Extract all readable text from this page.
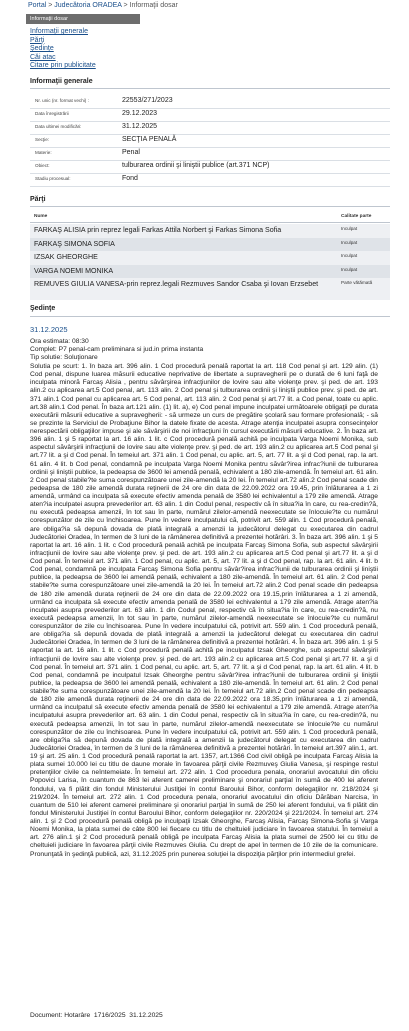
Portal > Judecătoria ORADEA > Informaţii dosar
Informaţii dosar
Informaţii generale
Părţi
Şedinţe
Căi atac
Citare prin publicitate
Informaţii generale
Nr. unic (nr. format vechi) :	22553/271/2023
Data înregistrării	29.12.2023
Data ultimei modificări:	31.12.2025
Secţie:	SECŢIA PENALĂ
Materie:	Penal
Obiect:	tulburarea ordinii şi liniştii publice (art.371 NCP)
Stadiu procesual:	Fond
Părţi
Nume	Calitate parte
FARKAŞ ALISIA prin reprez legali Farkas Attila Norbert şi Farkas Simona Sofia	Inculpat
FARKAŞ SIMONA SOFIA	Inculpat
IZSAK GHEORGHE	Inculpat
VARGA NOEMI MONIKA	Inculpat
REMUVES GIULIA VANESA-prin reprez.legali Rezmuves Sandor Csaba şi Iovan Erzsebet	Parte vătămată
Şedinţe
31.12.2025
Ora estimata: 08:30
Complet: P7 penal-cam preliminara si jud.in prima instanta
Tip solutie: Soluţionare
Solutia pe scurt: 1. În baza art. 396 alin. 1 Cod procedură penală raportat la art. 118 Cod penal şi art. 129 alin. (1) Cod penal, dispune luarea măsurii educative neprivative de libertate a supravegherii pe o durată de 6 luni faţă de inculpata minoră Farcaş Alisia , pentru săvârşirea infracţiunilor de lovire sau alte violenţe prev. şi ped. de art. 193 alin.2 cu aplicarea art.5 Cod penal, art. 113 alin. 2 Cod penal şi tulburarea ordinii şi liniştii publice prev. şi ped. de art. 371 alin.1 Cod penal cu aplicarea art. 5 Cod penal, art. 113 alin. 2 Cod penal şi art.77 lit. a Cod penal, toate cu aplic. art.38 alin.1 Cod penal. În baza art.121 alin. (1) lit. a), e) Cod penal impune inculpatei următoarele obligaţii pe durata executării măsurii educative a supravegherii: - să urmeze un curs de pregătire şcolară sau formare profesională; - să se prezinte la Serviciul de Probaţiune Bihor la datele fixate de acesta. Atrage atenţia inculpatei asupra consecinţelor nerespectării obligaţiilor impuse şi ale săvârşirii de noi infracţiuni în cursul executării măsurii educative. 2. În baza art. 396 alin. 1 şi 5 raportat la art. 16 alin. 1 lit. c Cod procedură penală achită pe inculpata Varga Noemi Monika, sub aspectul săvârşirii infracţiunii de lovire sau alte violenţe prev. şi ped. de art. 193 alin.2 cu aplicarea art.5 Cod penal şi art.77 lit. a şi d Cod penal. În temeiul art. 371 alin. 1 Cod penal, cu aplic. art. 5, art. 77 lit. a şi d Cod penal, rap. la art. 61 alin. 4 lit. b Cod penal, condamnă pe inculpata Varga Noemi Monika pentru săvâr?irea infrac?iunii de tulburarea ordinii şi liniştii publice, la pedeapsa de 3600 lei amendă penală, echivalent a 180 zile-amendă. În temeiul art. 61 alin. 2 Cod penal stabile?te suma corespunzătoare unei zile-amendă la 20 lei. În temeiul art.72 alin.2 Cod penal scade din pedeapsa de 180 zile amendă durata reţinerii de 24 ore din data de 22.09.2022 ora 19.45, prin înlăturarea a 1 zi amendă, urmând ca inculpata să execute efectiv amenda penală de 3580 lei echivalentul a 179 zile amendă. Atrage aten?ia inculpatei asupra prevederilor art. 63 alin. 1 din Codul penal, respectiv că în situa?ia în care, cu rea-credin?ă, nu execută pedeapsa amenzii, în tot sau în parte, numărul zilelor-amendă neexecutate se înlocuie?te cu numărul corespunzător de zile cu închisoarea. Pune în vedere inculpatului că, potrivit art. 559 alin. 1 Cod procedură penală, are obliga?ia să depună dovada de plată integrală a amenzii la judecătorul delegat cu executarea din cadrul Judecătoriei Oradea, în termen de 3 luni de la rămânerea definitivă a prezentei hotărâri. 3. În baza art. 396 alin. 1 şi 5 raportat la art. 16 alin. 1 lit. c Cod procedură penală achită pe inculpata Farcaş Simona Sofia, sub aspectul săvârşirii infracţiunii de lovire sau alte violenţe prev. şi ped. de art. 193 alin.2 cu aplicarea art.5 Cod penal şi art.77 lit. a şi d Cod penal. În temeiul art. 371 alin. 1 Cod penal, cu aplic. art. 5, art. 77 lit. a şi d Cod penal, rap. la art. 61 alin. 4 lit. b Cod penal, condamnă pe inculpata Farcaş Simona Sofia pentru săvâr?irea infrac?iunii de tulburarea ordinii şi liniştii publice, la pedeapsa de 3600 lei amendă penală, echivalent a 180 zile-amendă. În temeiul art. 61 alin. 2 Cod penal stabile?te suma corespunzătoare unei zile-amendă la 20 lei. În temeiul art.72 alin.2 Cod penal scade din pedeapsa de 180 zile amendă durata reţinerii de 24 ore din data de 22.09.2022 ora 19.15,prin înlăturarea a 1 zi amendă, urmând ca inculpata să execute efectiv amenda penală de 3580 lei echivalentul a 179 zile amendă. Atrage aten?ia inculpatei asupra prevederilor art. 63 alin. 1 din Codul penal, respectiv că în situa?ia în care, cu rea-credin?ă, nu execută pedeapsa amenzii, în tot sau în parte, numărul zilelor-amendă neexecutate se înlocuie?te cu numărul corespunzător de zile cu închisoarea. Pune în vedere inculpatului că, potrivit art. 559 alin. 1 Cod procedură penală, are obliga?ia să depună dovada de plată integrală a amenzii la judecătorul delegat cu executarea din cadrul Judecătoriei Oradea, în termen de 3 luni de la rămânerea definitivă a prezentei hotărâri. 4. În baza art. 396 alin. 1 şi 5 raportat la art. 16 alin. 1 lit. c Cod procedură penală achită pe inculpatul Izsak Gheorghe, sub aspectul săvârşirii infracţiunii de lovire sau alte violenţe prev. şi ped. de art. 193 alin.2 cu aplicarea art.5 Cod penal şi art.77 lit. a şi d Cod penal. În temeiul art. 371 alin. 1 Cod penal, cu aplic. art. 5, art. 77 lit. a şi d Cod penal, rap. la art. 61 alin. 4 lit. b Cod penal, condamnă pe inculpatul Izsak Gheorghe pentru săvâr?irea infrac?iunii de tulburarea ordinii şi liniştii publice, la pedeapsa de 3600 lei amendă penală, echivalent a 180 zile-amendă. În temeiul art. 61 alin. 2 Cod penal stabile?te suma corespunzătoare unei zile-amendă la 20 lei. În temeiul art.72 alin.2 Cod penal scade din pedeapsa de 180 zile amendă durata reţinerii de 24 ore din data de 22.09.2022 ora 18.35,prin înlăturarea a 1 zi amendă, urmând ca inculpatul să execute efectiv amenda penală de 3580 lei echivalentul a 179 zile amendă. Atrage aten?ia inculpatului asupra prevederilor art. 63 alin. 1 din Codul penal, respectiv că în situa?ia în care, cu rea-credin?ă, nu execută pedeapsa amenzii, în tot sau în parte, numărul zilelor-amendă neexecutate se înlocuie?te cu numărul corespunzător de zile cu închisoarea. Pune în vedere inculpatului că, potrivit art. 559 alin. 1 Cod procedură penală, are obliga?ia să depună dovada de plată integrală a amenzii la judecătorul delegat cu executarea din cadrul Judecătoriei Oradea, în termen de 3 luni de la rămânerea definitivă a prezentei hotărâri. În temeiul art.397 alin.1, art. 19 şi art. 25 alin. 1 Cod procedură penală raportat la art. 1357, art.1366 Cod civil obligă pe inculpata Farcaş Alisia la plata sumei 10.000 lei cu titlu de daune morale în favoarea părţii civile Rezmuveş Giulia Vanesa, şi respinge restul pretenţiilor civile ca neîntemeiate. În temeiul art. 272 alin. 1 Cod procedura penala, onorariul avocatului din oficiu Popovici Larisa, în cuantum de 863 lei aferent camerei preliminare şi onorariul parţial în sumă de 400 lei aferent fondului, va fi plătit din fondul Ministerului Justiţiei în contul Baroului Bihor, conform delegaţiilor nr. 218/2024 şi 219/2024. În temeiul art. 272 alin. 1 Cod procedura penala, onorariul avocatului din oficiu Dărăban Narcisa, în cuantum de 510 lei aferent camerei preliminare şi onorariul parţial în sumă de 250 lei aferent fondului, va fi plătit din fondul Ministerului Justiţiei în contul Baroului Bihor, conform delegaţiilor nr. 220/2024 şi 221/2024. În temeiul art. 274 alin. 1 şi 2 Cod procedură penală obligă pe inculpaţii Izsak Gheorghe, Farcaş Alisia, Farcaş Simona-Sofia şi Varga Noemi Monika, la plata sumei de câte 800 lei fiecare cu titlu de cheltuieli judiciare în favoarea statului. În temeiul a art. 276 alin.1 şi 2 Cod procedură penală obligă pe inculpata Farcaş Alisia la plata sumei de 2500 lei cu titlu de cheltuieli judiciare în favoarea părţii civile Rezmuves Giulia. Cu drept de apel în termen de 10 zile de la comunicare. Pronunţată în şedinţă publică, azi, 31.12.2025 prin punerea soluţiei la dispoziţia părţilor prin intermediul grefei.
Document: Hotarâre  1716/2025  31.12.2025
